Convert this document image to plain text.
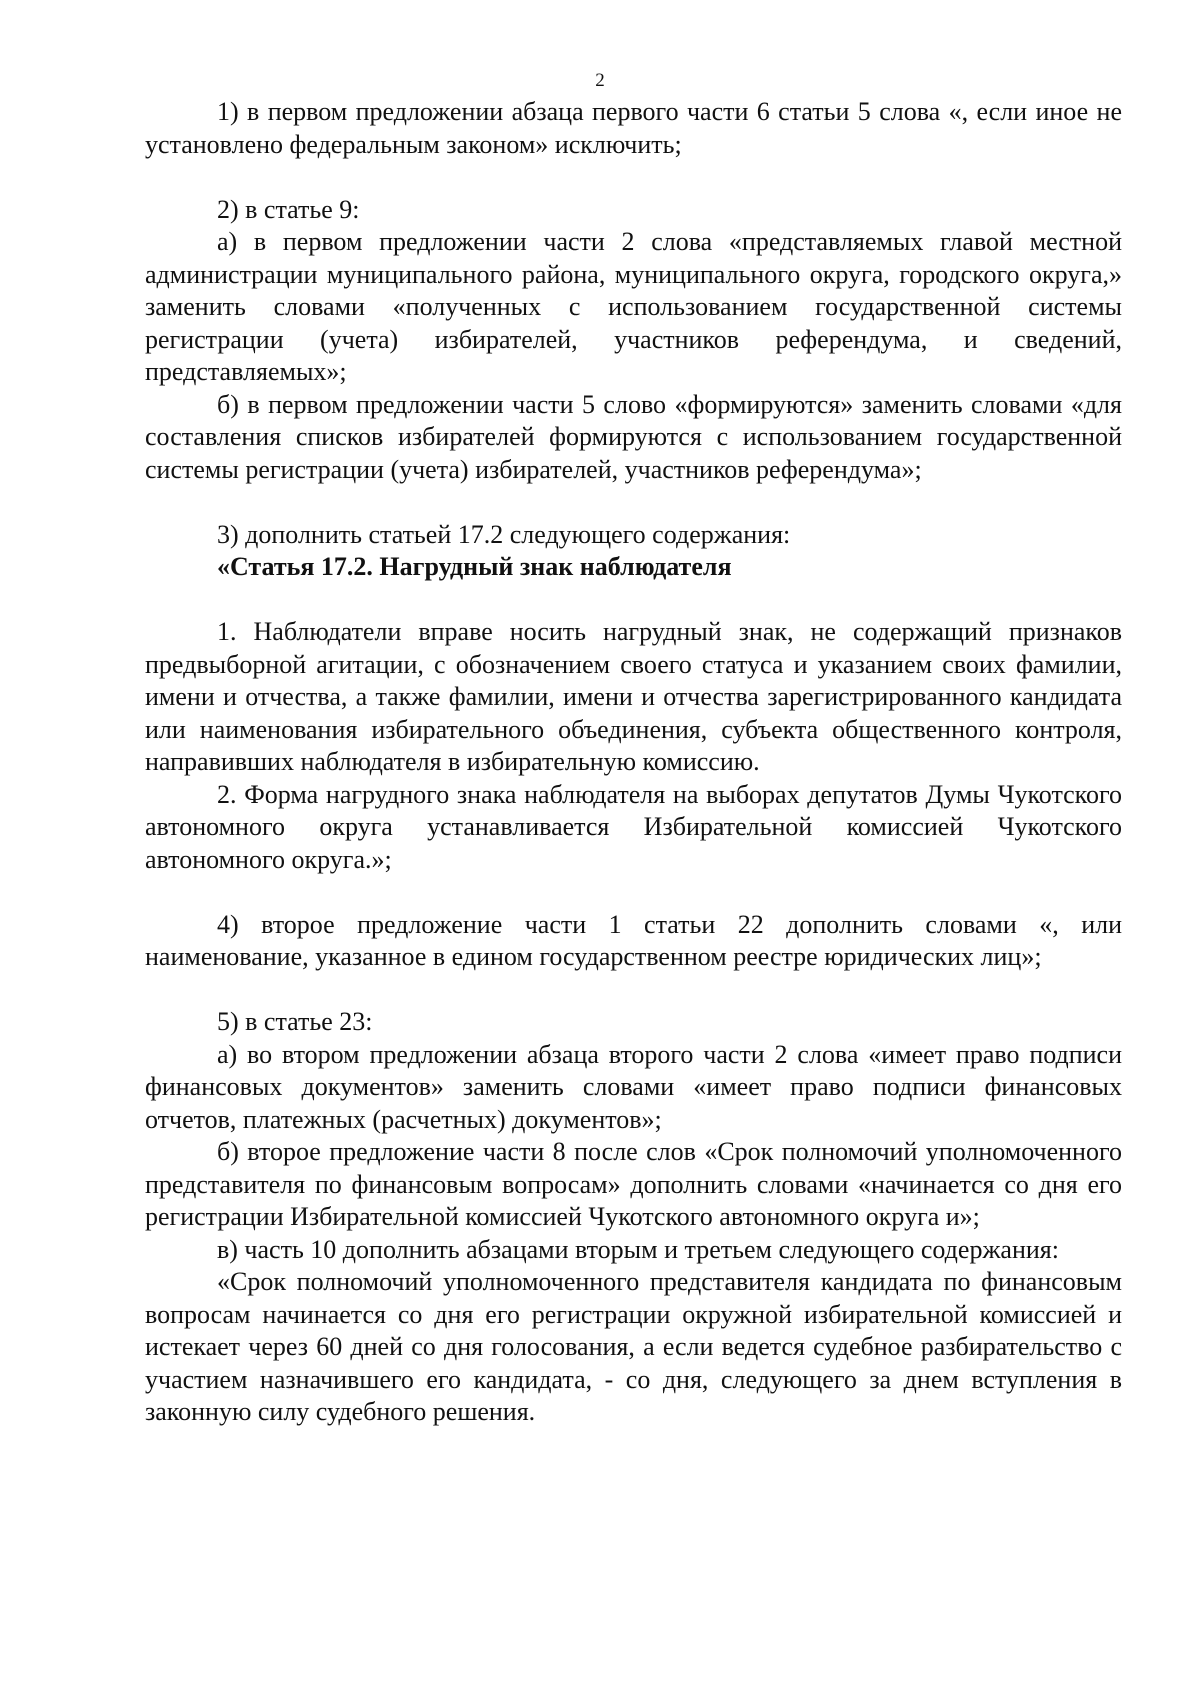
2

1) в первом предложении абзаца первого части 6 статьи 5 слова «, если иное не установлено федеральным законом» исключить;

2) в статье 9:

а) в первом предложении части 2 слова «представляемых главой местной администрации муниципального района, муниципального округа, городского округа,» заменить словами «полученных с использованием государственной системы регистрации (учета) избирателей, участников референдума, и сведений, представляемых»;

б) в первом предложении части 5 слово «формируются» заменить словами «для составления списков избирателей формируются с использованием государственной системы регистрации (учета) избирателей, участников референдума»;

3) дополнить статьей 17.2 следующего содержания:

«Статья 17.2. Нагрудный знак наблюдателя

1. Наблюдатели вправе носить нагрудный знак, не содержащий признаков предвыборной агитации, с обозначением своего статуса и указанием своих фамилии, имени и отчества, а также фамилии, имени и отчества зарегистрированного кандидата или наименования избирательного объединения, субъекта общественного контроля, направивших наблюдателя в избирательную комиссию.

2. Форма нагрудного знака наблюдателя на выборах депутатов Думы Чукотского автономного округа устанавливается Избирательной комиссией Чукотского автономного округа.»;

4) второе предложение части 1 статьи 22 дополнить словами «, или наименование, указанное в едином государственном реестре юридических лиц»;

5) в статье 23:

а) во втором предложении абзаца второго части 2 слова «имеет право подписи финансовых документов» заменить словами «имеет право подписи финансовых отчетов, платежных (расчетных) документов»;

б) второе предложение части 8 после слов «Срок полномочий уполномоченного представителя по финансовым вопросам» дополнить словами «начинается со дня его регистрации Избирательной комиссией Чукотского автономного округа и»;

в) часть 10 дополнить абзацами вторым и третьем следующего содержания:

«Срок полномочий уполномоченного представителя кандидата по финансовым вопросам начинается со дня его регистрации окружной избирательной комиссией и истекает через 60 дней со дня голосования, а если ведется судебное разбирательство с участием назначившего его кандидата, - со дня, следующего за днем вступления в законную силу судебного решения.
